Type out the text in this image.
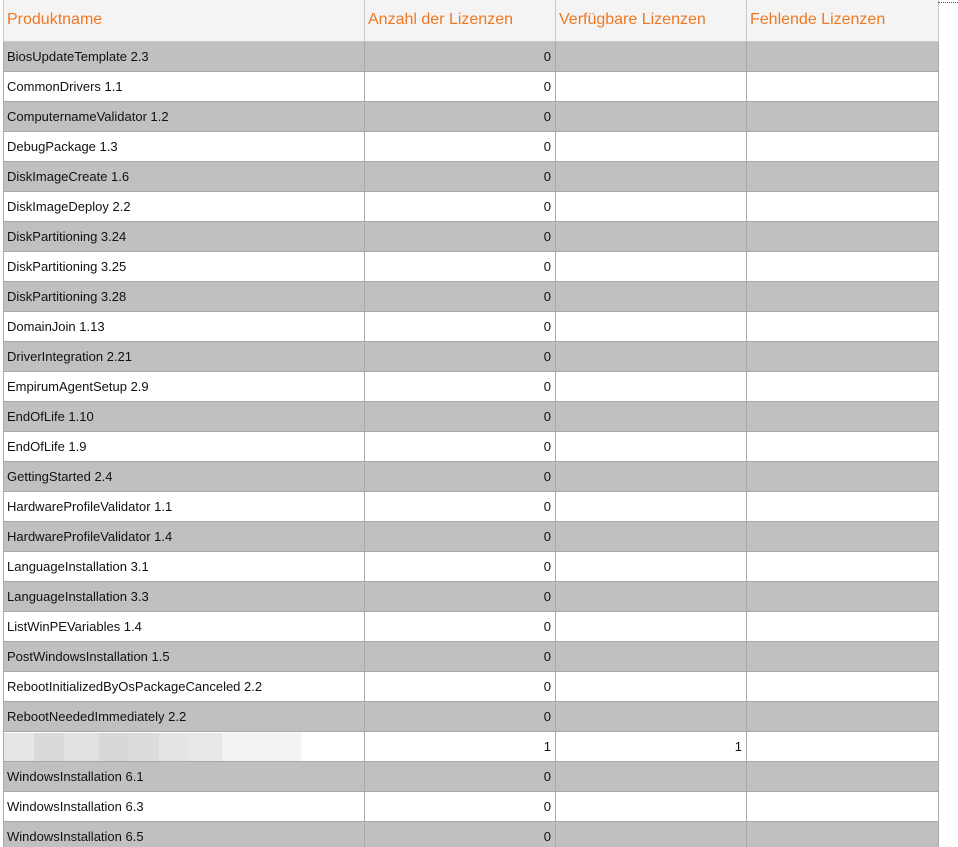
Produktname	Anzahl der Lizenzen	Verfügbare Lizenzen	Fehlende Lizenzen
BiosUpdateTemplate 2.3	0		
CommonDrivers 1.1	0		
ComputernameValidator 1.2	0		
DebugPackage 1.3	0		
DiskImageCreate 1.6	0		
DiskImageDeploy 2.2	0		
DiskPartitioning 3.24	0		
DiskPartitioning 3.25	0		
DiskPartitioning 3.28	0		
DomainJoin 1.13	0		
DriverIntegration 2.21	0		
EmpirumAgentSetup 2.9	0		
EndOfLife 1.10	0		
EndOfLife 1.9	0		
GettingStarted 2.4	0		
HardwareProfileValidator 1.1	0		
HardwareProfileValidator 1.4	0		
LanguageInstallation 3.1	0		
LanguageInstallation 3.3	0		
ListWinPEVariables 1.4	0		
PostWindowsInstallation 1.5	0		
RebootInitializedByOsPackageCanceled 2.2	0		
RebootNeededImmediately 2.2	0		
	1	1	
WindowsInstallation 6.1	0		
WindowsInstallation 6.3	0		
WindowsInstallation 6.5	0		
